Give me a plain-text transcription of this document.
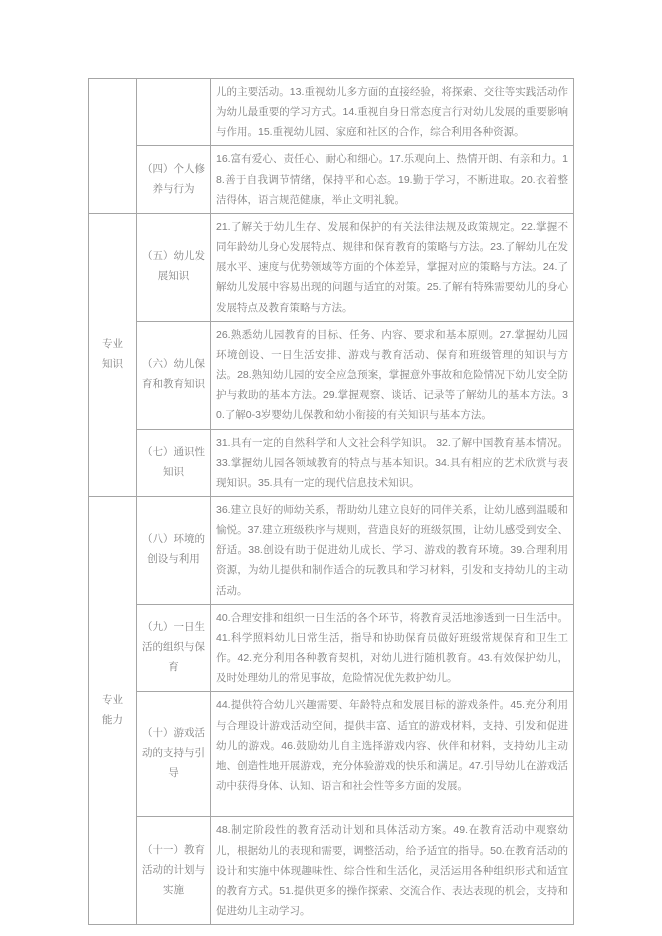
		儿的主要活动。13.重视幼儿多方面的直接经验，将探索、交往等实践活动作为幼儿最重要的学习方式。14.重视自身日常态度言行对幼儿发展的重要影响与作用。15.重视幼儿园、家庭和社区的合作，综合利用各种资源。
	（四）个人修养与行为	16.富有爱心、责任心、耐心和细心。17.乐观向上、热情开朗、有亲和力。18.善于自我调节情绪，保持平和心态。19.勤于学习，不断进取。20.衣着整洁得体，语言规范健康，举止文明礼貌。
专业知识	（五）幼儿发展知识	21.了解关于幼儿生存、发展和保护的有关法律法规及政策规定。22.掌握不同年龄幼儿身心发展特点、规律和保育教育的策略与方法。23.了解幼儿在发展水平、速度与优势领域等方面的个体差异，掌握对应的策略与方法。24.了解幼儿发展中容易出现的问题与适宜的对策。25.了解有特殊需要幼儿的身心发展特点及教育策略与方法。
	（六）幼儿保育和教育知识	26.熟悉幼儿园教育的目标、任务、内容、要求和基本原则。27.掌握幼儿园环境创设、一日生活安排、游戏与教育活动、保育和班级管理的知识与方法。28.熟知幼儿园的安全应急预案，掌握意外事故和危险情况下幼儿安全防护与救助的基本方法。29.掌握观察、谈话、记录等了解幼儿的基本方法。30.了解0-3岁婴幼儿保教和幼小衔接的有关知识与基本方法。
	（七）通识性知识	31.具有一定的自然科学和人文社会科学知识。 32.了解中国教育基本情况。33.掌握幼儿园各领域教育的特点与基本知识。34.具有相应的艺术欣赏与表现知识。35.具有一定的现代信息技术知识。
专业能力	（八）环境的创设与利用	36.建立良好的师幼关系，帮助幼儿建立良好的同伴关系，让幼儿感到温暖和愉悦。37.建立班级秩序与规则，营造良好的班级氛围，让幼儿感受到安全、舒适。38.创设有助于促进幼儿成长、学习、游戏的教育环境。39.合理利用资源，为幼儿提供和制作适合的玩教具和学习材料，引发和支持幼儿的主动活动。
	（九）一日生活的组织与保育	40.合理安排和组织一日生活的各个环节，将教育灵活地渗透到一日生活中。41.科学照料幼儿日常生活，指导和协助保育员做好班级常规保育和卫生工作。42.充分利用各种教育契机，对幼儿进行随机教育。43.有效保护幼儿，及时处理幼儿的常见事故，危险情况优先救护幼儿。
	（十）游戏活动的支持与引导	44.提供符合幼儿兴趣需要、年龄特点和发展目标的游戏条件。45.充分利用与合理设计游戏活动空间，提供丰富、适宜的游戏材料，支持、引发和促进幼儿的游戏。46.鼓励幼儿自主选择游戏内容、伙伴和材料，支持幼儿主动地、创造性地开展游戏，充分体验游戏的快乐和满足。47.引导幼儿在游戏活动中获得身体、认知、语言和社会性等多方面的发展。
	（十一）教育活动的计划与实施	48.制定阶段性的教育活动计划和具体活动方案。49.在教育活动中观察幼儿，根据幼儿的表现和需要，调整活动，给予适宜的指导。50.在教育活动的设计和实施中体现趣味性、综合性和生活化，灵活运用各种组织形式和适宜的教育方式。51.提供更多的操作探索、交流合作、表达表现的机会，支持和促进幼儿主动学习。
